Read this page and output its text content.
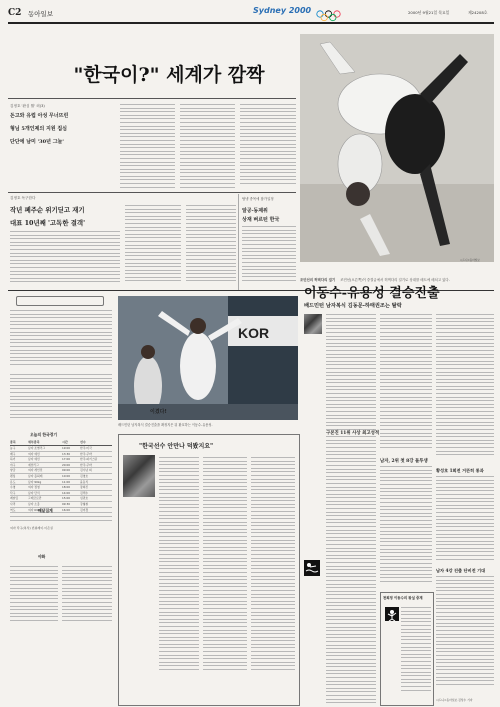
C2 동아일보	Sydney 2000	2000년 9월21일 목요일	제24208호
"한국이?" 세계가 깜짝
김정호 '완심 월' 외(3)
돈고와 유럽 아성 무너뜨린
형님 5개인제의 지원 집심
단단에 남미 '30년 그늘'
시드니=동아일보
조민선의 허벅다리 걸기 조민선(오른쪽)이 중결급에서 허벅다리 걸기로 상대를 매트에 메치고 있다.
김정호 독구한다
작년 폐주순 위기딛고 재기
대표 10년째 '고독한 결객'
팀냉 종목에 참가일정
알공·동제위
상재 벼르턴 한국
오늘의 한국경기
종목	세부종목	시간	선수
농구	남자 조별리그	19:00	한국-미국
배구	여자 예선	13:30	한국-쿠바
하키	남자 예선	17:00	한국-파키스탄
야구	예선리그	20:00	한국-쿠바
양궁	여자 개인전	09:00	김수녕 외
펜싱	남자 플뢰레	10:00	김영호
유도	남자 90kg	11:00	윤동식
수영	여자 접영	18:00	장희진
탁구	남자 단식	14:00	김택수
레슬링	그레코로만	15:00	심권호
사격	남자 소총	09:30	강형철
역도	여자 69kg	16:00	김미경
메달집계
여자 탁구(복식) 빈위레이·이은실
야화
KOR
이겼다!
배드민턴 남자복식 결승진출을 확정지은 뒤 환호하는 이동수-유용성.
"한국선수 안만나 덕봤지요"
이동수-유용성 결승진출
배드민턴 남자복식 김동문-하태권조는 탈락
남자, 2위 첫 8강 돌투생
구본진 11위 사상 최고성적
황성호 1회전 거뜬히 통과
남자 4강 진출 단비전 기대
시드니=동아일보·김상수 기자
천희정 이동수의 왕실 중계
